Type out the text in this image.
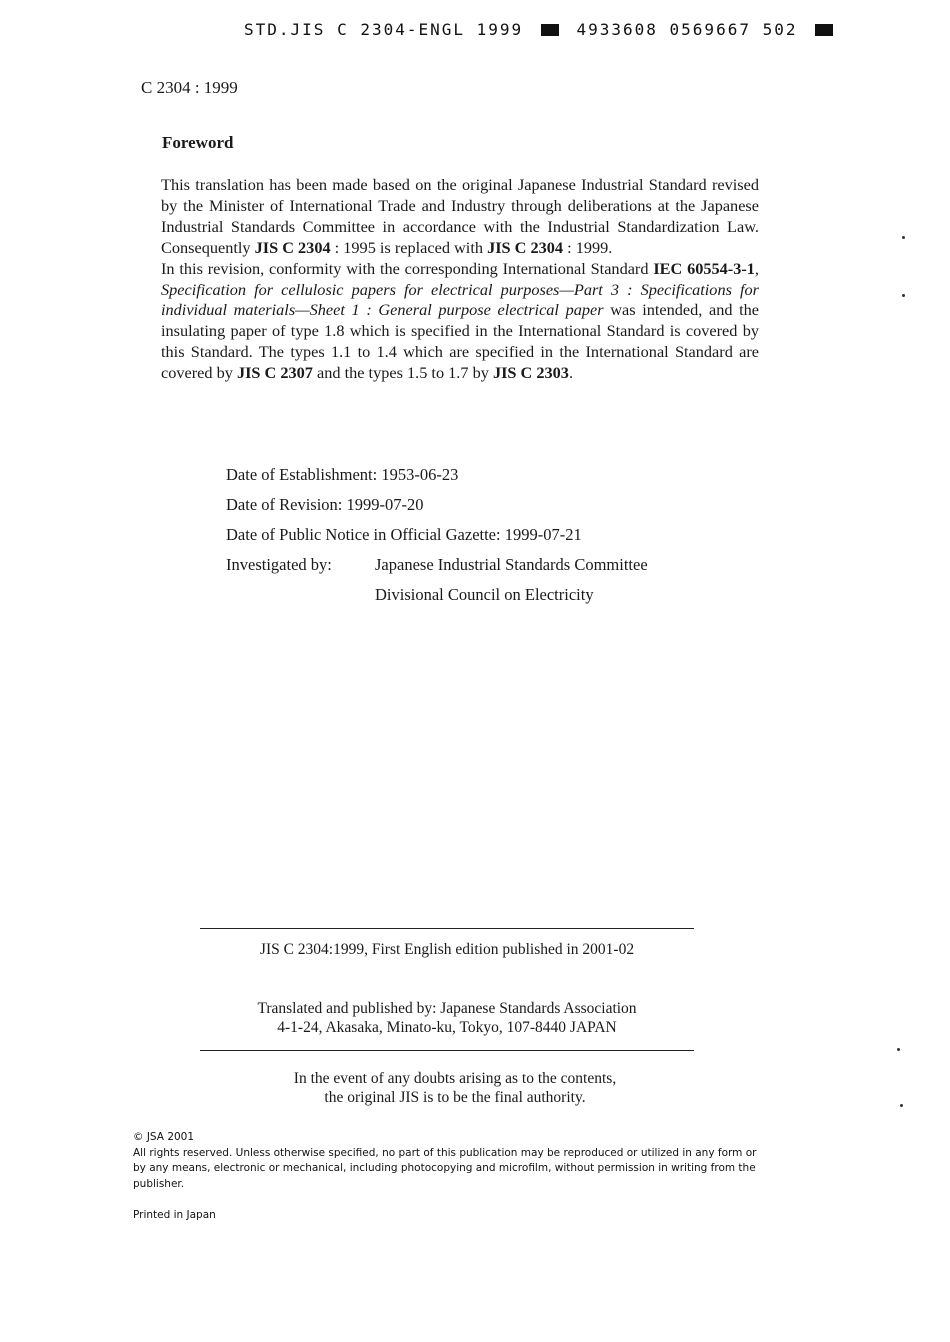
STD.JIS C 2304-ENGL 1999	4933608 0569667 502
C 2304 : 1999
Foreword
This translation has been made based on the original Japanese Industrial Standard revised by the Minister of International Trade and Industry through deliberations at the Japanese Industrial Standards Committee in accordance with the Industrial Standardization Law. Consequently JIS C 2304 : 1995 is replaced with JIS C 2304 : 1999.
In this revision, conformity with the corresponding International Standard IEC 60554-3-1, Specification for cellulosic papers for electrical purposes—Part 3 : Specifications for individual materials—Sheet 1 : General purpose electrical paper was intended, and the insulating paper of type 1.8 which is specified in the International Standard is covered by this Standard. The types 1.1 to 1.4 which are specified in the International Standard are covered by JIS C 2307 and the types 1.5 to 1.7 by JIS C 2303.
Date of Establishment: 1953-06-23
Date of Revision: 1999-07-20
Date of Public Notice in Official Gazette: 1999-07-21
Investigated by:	Japanese Industrial Standards Committee
Divisional Council on Electricity
JIS C 2304:1999, First English edition published in 2001-02
Translated and published by: Japanese Standards Association
4-1-24, Akasaka, Minato-ku, Tokyo, 107-8440 JAPAN
In the event of any doubts arising as to the contents,
the original JIS is to be the final authority.
© JSA 2001
All rights reserved. Unless otherwise specified, no part of this publication may be reproduced or utilized in any form or by any means, electronic or mechanical, including photocopying and microfilm, without permission in writing from the publisher.
Printed in Japan
